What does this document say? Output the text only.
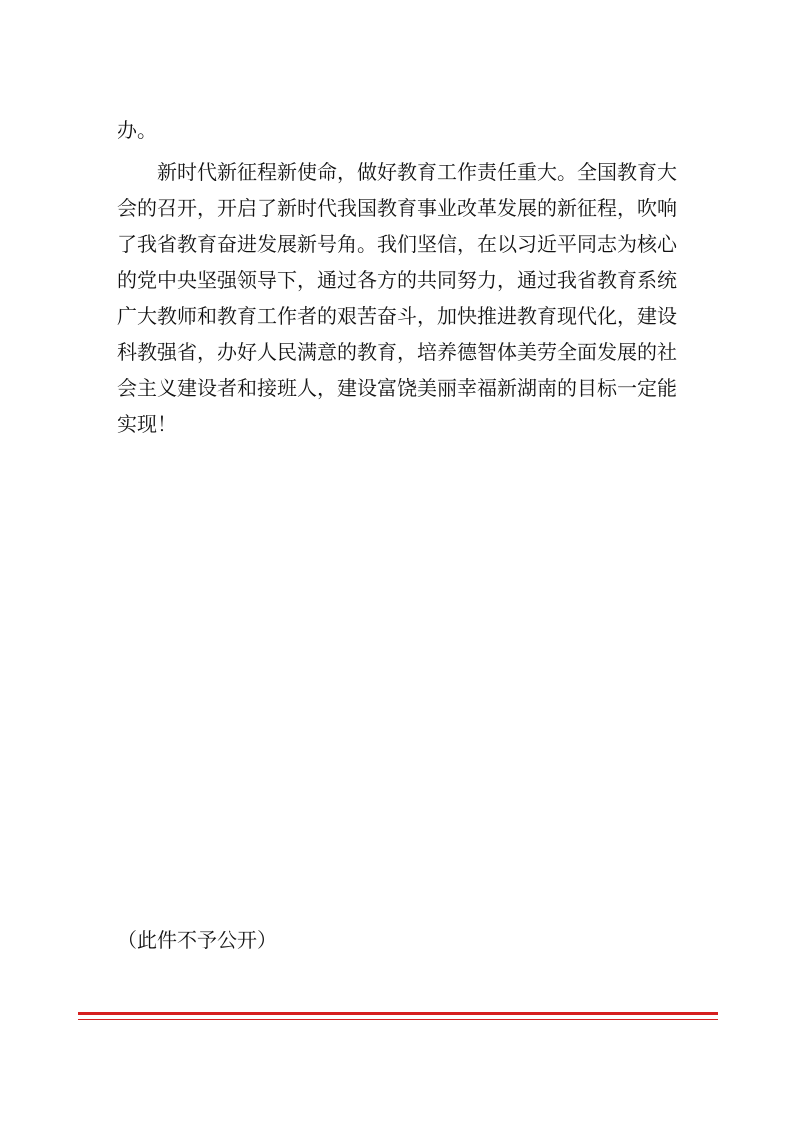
办。

新时代新征程新使命，做好教育工作责任重大。全国教育大会的召开，开启了新时代我国教育事业改革发展的新征程，吹响了我省教育奋进发展新号角。我们坚信，在以习近平同志为核心的党中央坚强领导下，通过各方的共同努力，通过我省教育系统广大教师和教育工作者的艰苦奋斗，加快推进教育现代化，建设科教强省，办好人民满意的教育，培养德智体美劳全面发展的社会主义建设者和接班人，建设富饶美丽幸福新湖南的目标一定能实现！

（此件不予公开）
